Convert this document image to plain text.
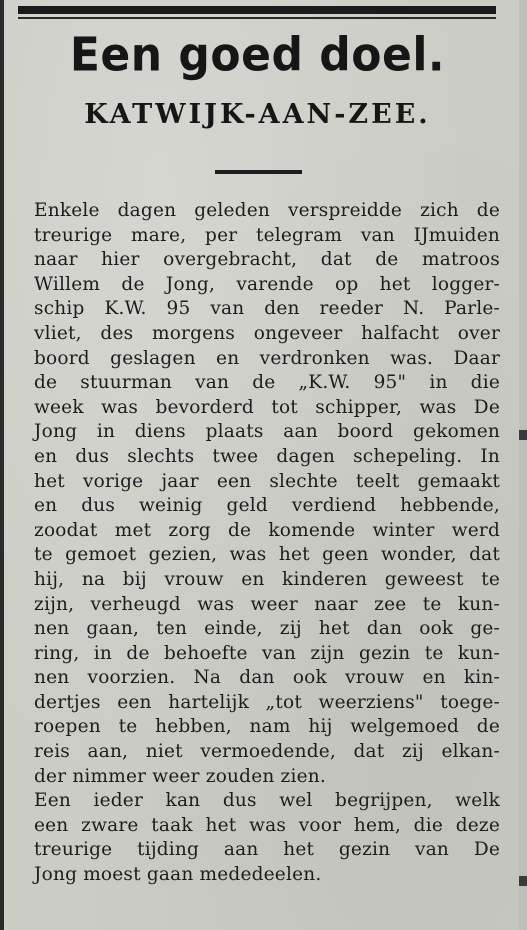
Een goed doel.
KATWIJK-AAN-ZEE.
Enkele dagen geleden verspreidde zich de
treurige mare, per telegram van IJmuiden
naar hier overgebracht, dat de matroos
Willem de Jong, varende op het logger-
schip K.W. 95 van den reeder N. Parle-
vliet, des morgens ongeveer halfacht over
boord geslagen en verdronken was. Daar
de stuurman van de „K.W. 95" in die
week was bevorderd tot schipper, was De
Jong in diens plaats aan boord gekomen
en dus slechts twee dagen schepeling. In
het vorige jaar een slechte teelt gemaakt
en dus weinig geld verdiend hebbende,
zoodat met zorg de komende winter werd
te gemoet gezien, was het geen wonder, dat
hij, na bij vrouw en kinderen geweest te
zijn, verheugd was weer naar zee te kun-
nen gaan, ten einde, zij het dan ook ge-
ring, in de behoefte van zijn gezin te kun-
nen voorzien. Na dan ook vrouw en kin-
dertjes een hartelijk „tot weerziens" toege-
roepen te hebben, nam hij welgemoed de
reis aan, niet vermoedende, dat zij elkan-
der nimmer weer zouden zien.
Een ieder kan dus wel begrijpen, welk
een zware taak het was voor hem, die deze
treurige tijding aan het gezin van De
Jong moest gaan mededeelen.
